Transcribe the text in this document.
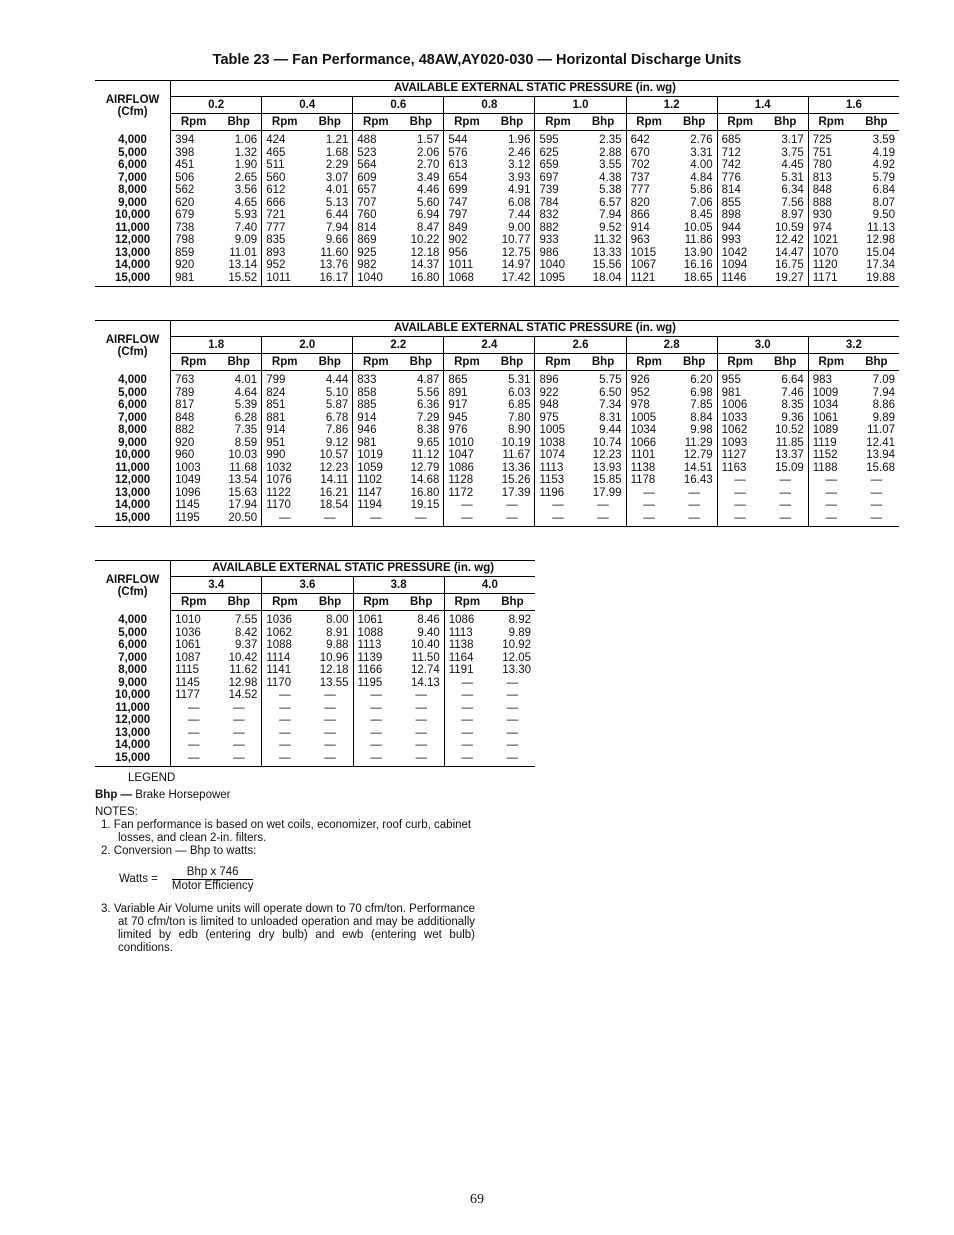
Table 23 — Fan Performance, 48AW,AY020-030 — Horizontal Discharge Units
AIRFLOW
(Cfm)	AVAILABLE EXTERNAL STATIC PRESSURE (in. wg)															
	0.2		0.4		0.6		0.8		1.0		1.2		1.4		1.6	
	Rpm	Bhp	Rpm	Bhp	Rpm	Bhp	Rpm	Bhp	Rpm	Bhp	Rpm	Bhp	Rpm	Bhp	Rpm	Bhp
4,000	394	1.06	424	1.21	488	1.57	544	1.96	595	2.35	642	2.76	685	3.17	725	3.59
5,000	398	1.32	465	1.68	523	2.06	576	2.46	625	2.88	670	3.31	712	3.75	751	4.19
6,000	451	1.90	511	2.29	564	2.70	613	3.12	659	3.55	702	4.00	742	4.45	780	4.92
7,000	506	2.65	560	3.07	609	3.49	654	3.93	697	4.38	737	4.84	776	5.31	813	5.79
8,000	562	3.56	612	4.01	657	4.46	699	4.91	739	5.38	777	5.86	814	6.34	848	6.84
9,000	620	4.65	666	5.13	707	5.60	747	6.08	784	6.57	820	7.06	855	7.56	888	8.07
10,000	679	5.93	721	6.44	760	6.94	797	7.44	832	7.94	866	8.45	898	8.97	930	9.50
11,000	738	7.40	777	7.94	814	8.47	849	9.00	882	9.52	914	10.05	944	10.59	974	11.13
12,000	798	9.09	835	9.66	869	10.22	902	10.77	933	11.32	963	11.86	993	12.42	1021	12.98
13,000	859	11.01	893	11.60	925	12.18	956	12.75	986	13.33	1015	13.90	1042	14.47	1070	15.04
14,000	920	13.14	952	13.76	982	14.37	1011	14.97	1040	15.56	1067	16.16	1094	16.75	1120	17.34
15,000	981	15.52	1011	16.17	1040	16.80	1068	17.42	1095	18.04	1121	18.65	1146	19.27	1171	19.88
AIRFLOW
(Cfm)	AVAILABLE EXTERNAL STATIC PRESSURE (in. wg)															
	1.8		2.0		2.2		2.4		2.6		2.8		3.0		3.2	
	Rpm	Bhp	Rpm	Bhp	Rpm	Bhp	Rpm	Bhp	Rpm	Bhp	Rpm	Bhp	Rpm	Bhp	Rpm	Bhp
4,000	763	4.01	799	4.44	833	4.87	865	5.31	896	5.75	926	6.20	955	6.64	983	7.09
5,000	789	4.64	824	5.10	858	5.56	891	6.03	922	6.50	952	6.98	981	7.46	1009	7.94
6,000	817	5.39	851	5.87	885	6.36	917	6.85	948	7.34	978	7.85	1006	8.35	1034	8.86
7,000	848	6.28	881	6.78	914	7.29	945	7.80	975	8.31	1005	8.84	1033	9.36	1061	9.89
8,000	882	7.35	914	7.86	946	8.38	976	8.90	1005	9.44	1034	9.98	1062	10.52	1089	11.07
9,000	920	8.59	951	9.12	981	9.65	1010	10.19	1038	10.74	1066	11.29	1093	11.85	1119	12.41
10,000	960	10.03	990	10.57	1019	11.12	1047	11.67	1074	12.23	1101	12.79	1127	13.37	1152	13.94
11,000	1003	11.68	1032	12.23	1059	12.79	1086	13.36	1113	13.93	1138	14.51	1163	15.09	1188	15.68
12,000	1049	13.54	1076	14.11	1102	14.68	1128	15.26	1153	15.85	1178	16.43	—	—	—	—
13,000	1096	15.63	1122	16.21	1147	16.80	1172	17.39	1196	17.99	—	—	—	—	—	—
14,000	1145	17.94	1170	18.54	1194	19.15	—	—	—	—	—	—	—	—	—	—
15,000	1195	20.50	—	—	—	—	—	—	—	—	—	—	—	—	—	—
AIRFLOW
(Cfm)	AVAILABLE EXTERNAL STATIC PRESSURE (in. wg)							
	3.4		3.6		3.8		4.0	
	Rpm	Bhp	Rpm	Bhp	Rpm	Bhp	Rpm	Bhp
4,000	1010	7.55	1036	8.00	1061	8.46	1086	8.92
5,000	1036	8.42	1062	8.91	1088	9.40	1113	9.89
6,000	1061	9.37	1088	9.88	1113	10.40	1138	10.92
7,000	1087	10.42	1114	10.96	1139	11.50	1164	12.05
8,000	1115	11.62	1141	12.18	1166	12.74	1191	13.30
9,000	1145	12.98	1170	13.55	1195	14.13	—	—
10,000	1177	14.52	—	—	—	—	—	—
11,000	—	—	—	—	—	—	—	—
12,000	—	—	—	—	—	—	—	—
13,000	—	—	—	—	—	—	—	—
14,000	—	—	—	—	—	—	—	—
15,000	—	—	—	—	—	—	—	—
LEGEND
Bhp — Brake Horsepower
NOTES:
1. Fan performance is based on wet coils, economizer, roof curb, cabinet losses, and clean 2-in. filters.
2. Conversion — Bhp to watts:
Watts = $\frac{\text{Bhp x 746}}{\text{Motor Efficiency}}$
3. Variable Air Volume units will operate down to 70 cfm/ton. Performance at 70 cfm/ton is limited to unloaded operation and may be additionally limited by edb (entering dry bulb) and ewb (entering wet bulb) conditions.
69
